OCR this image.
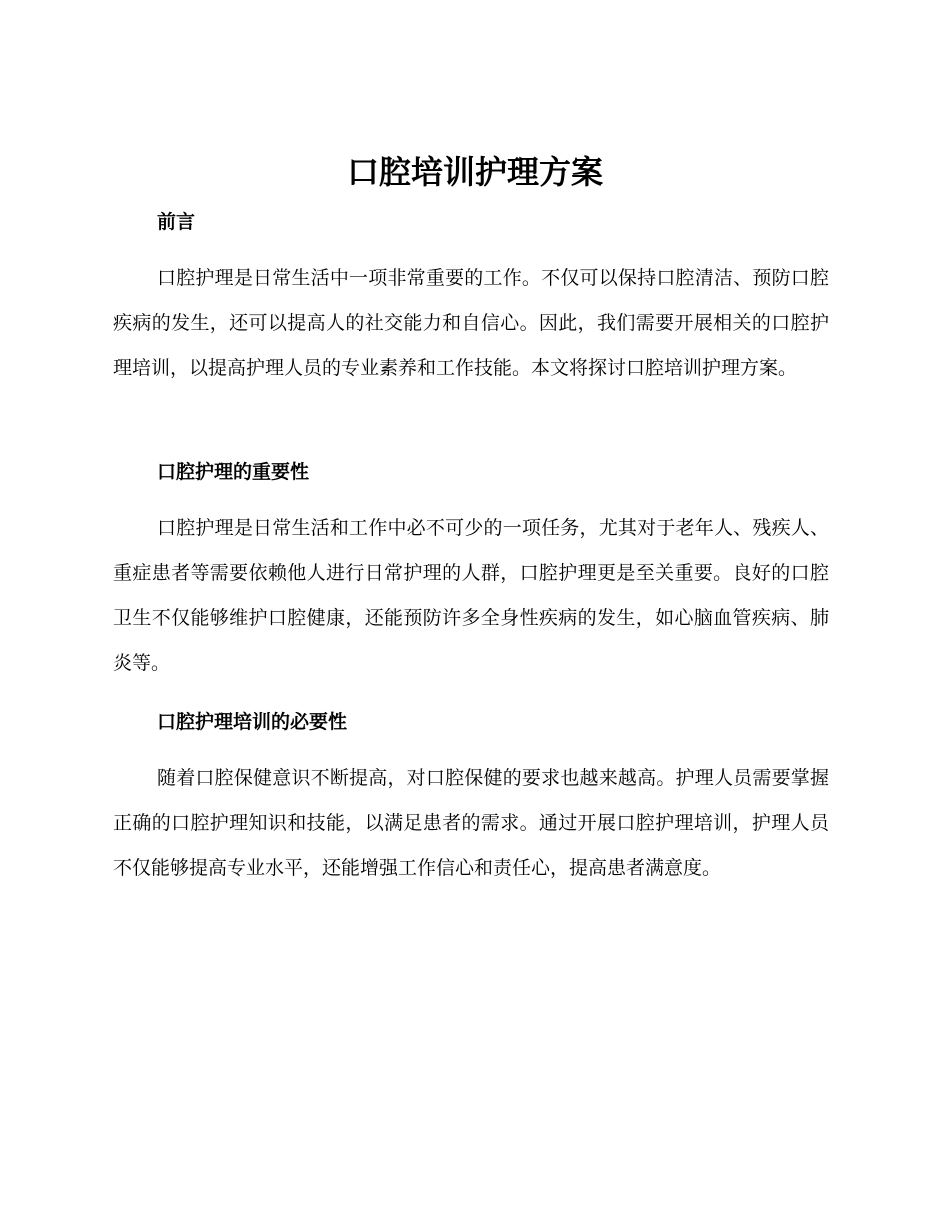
口腔培训护理方案
前言

口腔护理是日常生活中一项非常重要的工作。不仅可以保持口腔清洁、预防口腔疾病的发生，还可以提高人的社交能力和自信心。因此，我们需要开展相关的口腔护理培训，以提高护理人员的专业素养和工作技能。本文将探讨口腔培训护理方案。

口腔护理的重要性

口腔护理是日常生活和工作中必不可少的一项任务，尤其对于老年人、残疾人、重症患者等需要依赖他人进行日常护理的人群，口腔护理更是至关重要。良好的口腔卫生不仅能够维护口腔健康，还能预防许多全身性疾病的发生，如心脑血管疾病、肺炎等。

口腔护理培训的必要性

随着口腔保健意识不断提高，对口腔保健的要求也越来越高。护理人员需要掌握正确的口腔护理知识和技能，以满足患者的需求。通过开展口腔护理培训，护理人员不仅能够提高专业水平，还能增强工作信心和责任心，提高患者满意度。
